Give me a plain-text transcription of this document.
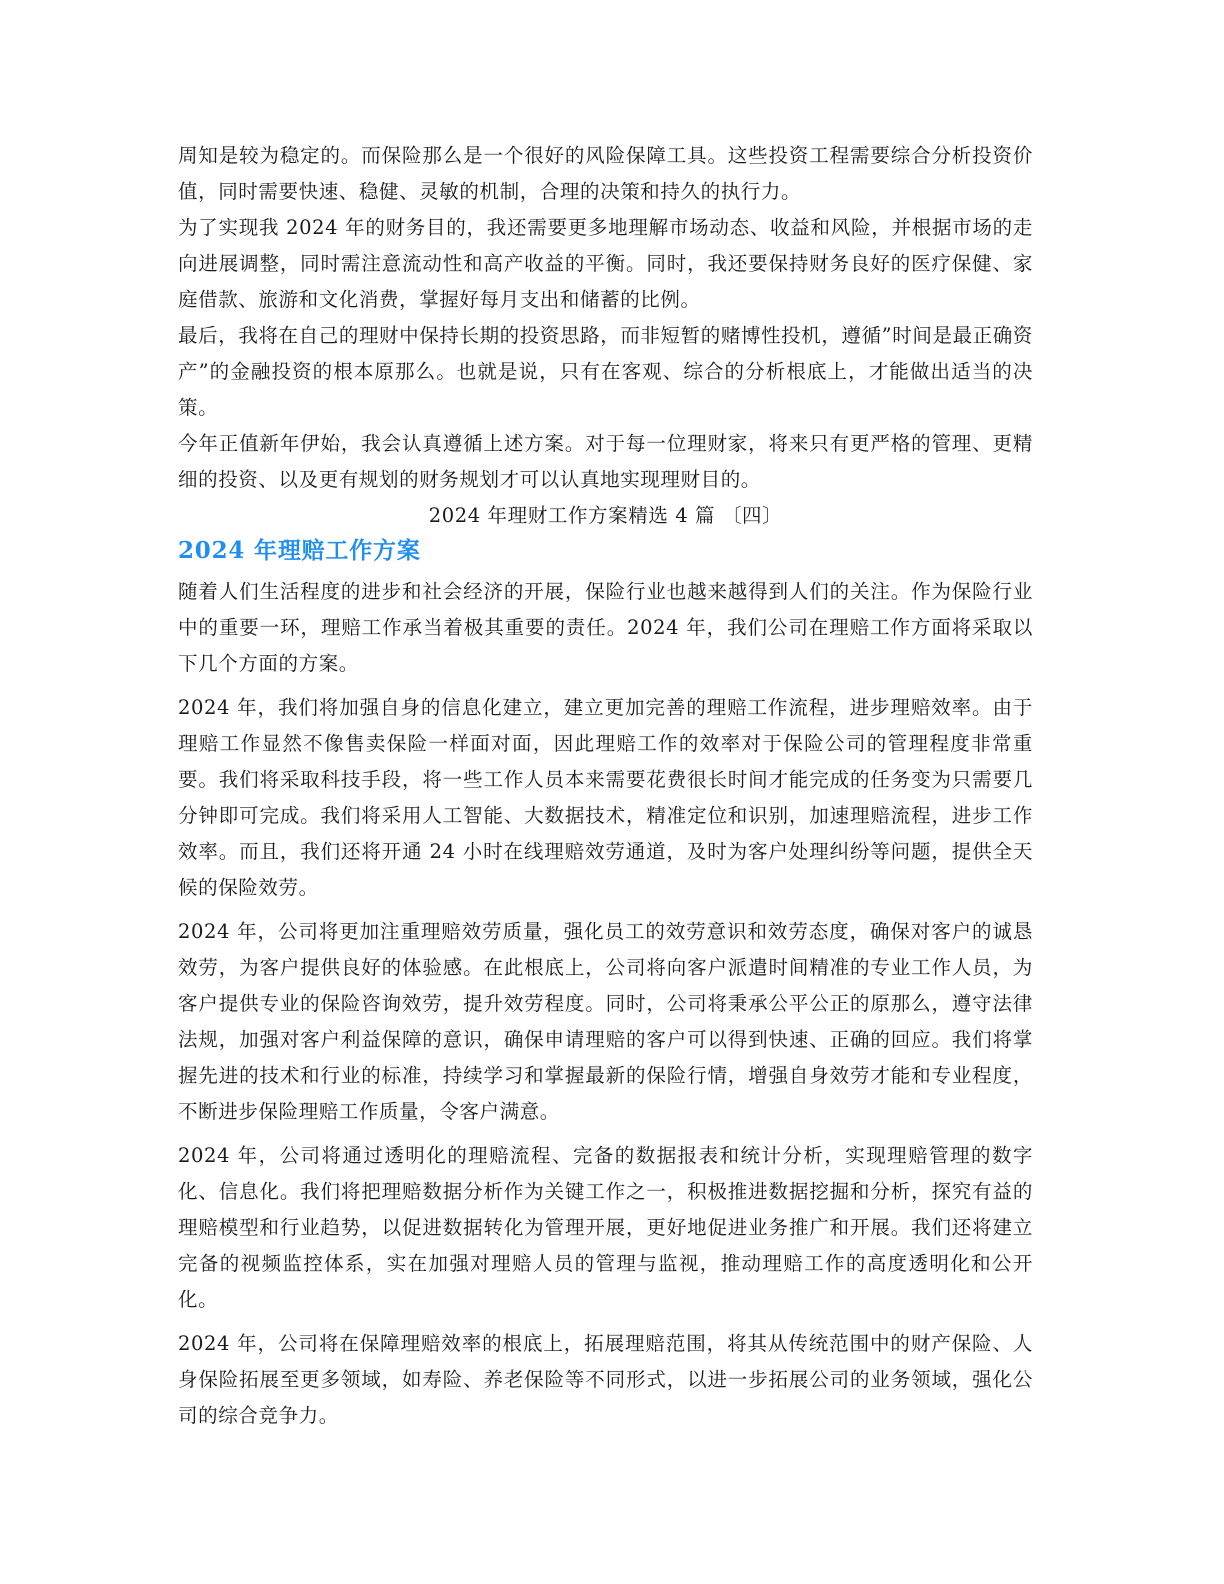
周知是较为稳定的。而保险那么是一个很好的风险保障工具。这些投资工程需要综合分析投资价值，同时需要快速、稳健、灵敏的机制，合理的决策和持久的执行力。

为了实现我 2024 年的财务目的，我还需要更多地理解市场动态、收益和风险，并根据市场的走向进展调整，同时需注意流动性和高产收益的平衡。同时，我还要保持财务良好的医疗保健、家庭借款、旅游和文化消费，掌握好每月支出和储蓄的比例。

最后，我将在自己的理财中保持长期的投资思路，而非短暂的赌博性投机，遵循”时间是最正确资产”的金融投资的根本原那么。也就是说，只有在客观、综合的分析根底上，才能做出适当的决策。

今年正值新年伊始，我会认真遵循上述方案。对于每一位理财家，将来只有更严格的管理、更精细的投资、以及更有规划的财务规划才可以认真地实现理财目的。

2024 年理财工作方案精选 4 篇 〔四〕

2024 年理赔工作方案

随着人们生活程度的进步和社会经济的开展，保险行业也越来越得到人们的关注。作为保险行业中的重要一环，理赔工作承当着极其重要的责任。2024 年，我们公司在理赔工作方面将采取以下几个方面的方案。

2024 年，我们将加强自身的信息化建立，建立更加完善的理赔工作流程，进步理赔效率。由于理赔工作显然不像售卖保险一样面对面，因此理赔工作的效率对于保险公司的管理程度非常重要。我们将采取科技手段，将一些工作人员本来需要花费很长时间才能完成的任务变为只需要几分钟即可完成。我们将采用人工智能、大数据技术，精准定位和识别，加速理赔流程，进步工作效率。而且，我们还将开通 24 小时在线理赔效劳通道，及时为客户处理纠纷等问题，提供全天候的保险效劳。

2024 年，公司将更加注重理赔效劳质量，强化员工的效劳意识和效劳态度，确保对客户的诚恳效劳，为客户提供良好的体验感。在此根底上，公司将向客户派遣时间精准的专业工作人员，为客户提供专业的保险咨询效劳，提升效劳程度。同时，公司将秉承公平公正的原那么，遵守法律法规，加强对客户利益保障的意识，确保申请理赔的客户可以得到快速、正确的回应。我们将掌握先进的技术和行业的标准，持续学习和掌握最新的保险行情，增强自身效劳才能和专业程度，不断进步保险理赔工作质量，令客户满意。

2024 年，公司将通过透明化的理赔流程、完备的数据报表和统计分析，实现理赔管理的数字化、信息化。我们将把理赔数据分析作为关键工作之一，积极推进数据挖掘和分析，探究有益的理赔模型和行业趋势，以促进数据转化为管理开展，更好地促进业务推广和开展。我们还将建立完备的视频监控体系，实在加强对理赔人员的管理与监视，推动理赔工作的高度透明化和公开化。

2024 年，公司将在保障理赔效率的根底上，拓展理赔范围，将其从传统范围中的财产保险、人身保险拓展至更多领域，如寿险、养老保险等不同形式，以进一步拓展公司的业务领域，强化公司的综合竞争力。
